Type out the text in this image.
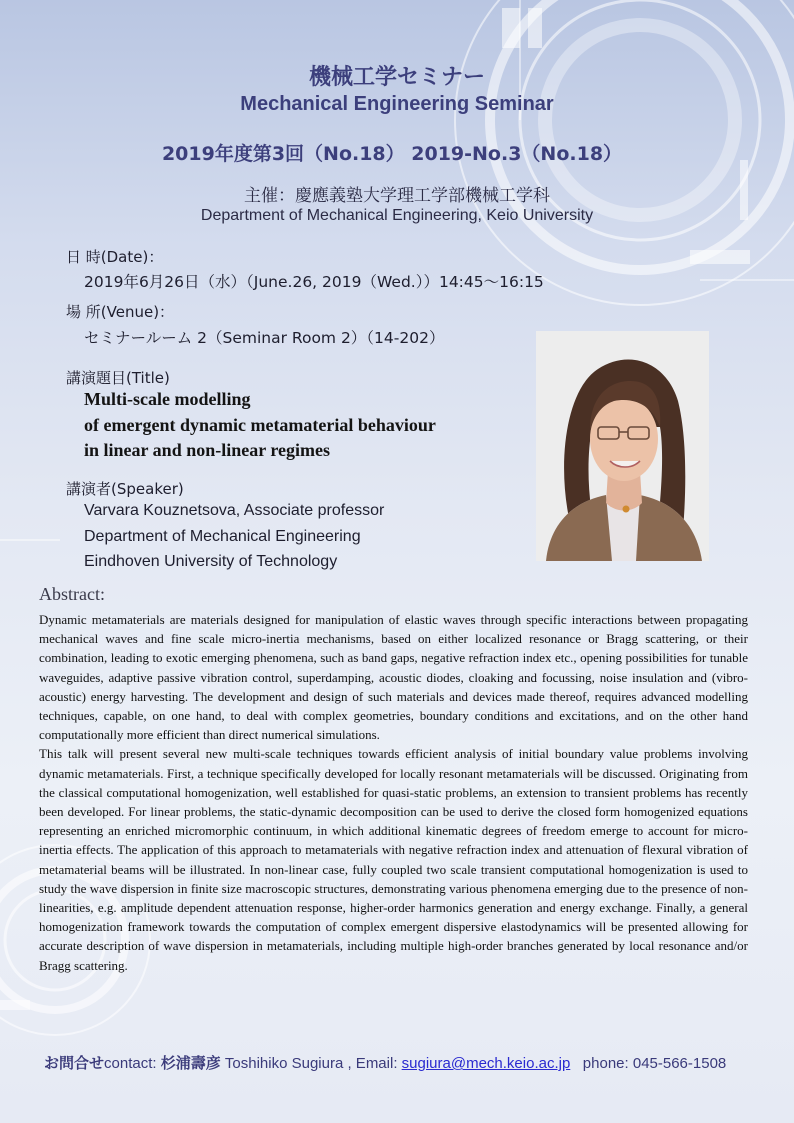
機械工学セミナー
Mechanical Engineering Seminar
2019年度第3回（No.18） 2019-No.3（No.18）
主催：慶應義塾大学理工学部機械工学科
Department of Mechanical Engineering, Keio University
日 時(Date)：
2019年6月26日（水）（June.26, 2019（Wed.））14:45～16:15
場 所(Venue)：
セミナールーム 2（Seminar Room 2）（14-202）
講演題目(Title)
Multi-scale modelling
of emergent dynamic metamaterial behaviour
in linear and non-linear regimes
講演者(Speaker)
Varvara Kouznetsova, Associate professor
Department of Mechanical Engineering
Eindhoven University of Technology
Abstract:

Dynamic metamaterials are materials designed for manipulation of elastic waves through specific interactions between propagating mechanical waves and fine scale micro-inertia mechanisms, based on either localized resonance or Bragg scattering, or their combination, leading to exotic emerging phenomena, such as band gaps, negative refraction index etc., opening possibilities for tunable waveguides, adaptive passive vibration control, superdamping, acoustic diodes, cloaking and focussing, noise insulation and (vibro-acoustic) energy harvesting. The development and design of such materials and devices made thereof, requires advanced modelling techniques, capable, on one hand, to deal with complex geometries, boundary conditions and excitations, and on the other hand computationally more efficient than direct numerical simulations.

This talk will present several new multi-scale techniques towards efficient analysis of initial boundary value problems involving dynamic metamaterials. First, a technique specifically developed for locally resonant metamaterials will be discussed. Originating from the classical computational homogenization, well established for quasi-static problems, an extension to transient problems has recently been developed. For linear problems, the static-dynamic decomposition can be used to derive the closed form homogenized equations representing an enriched micromorphic continuum, in which additional kinematic degrees of freedom emerge to account for micro-inertia effects. The application of this approach to metamaterials with negative refraction index and attenuation of flexural vibration of metamaterial beams will be illustrated. In non-linear case, fully coupled two scale transient computational homogenization is used to study the wave dispersion in finite size macroscopic structures, demonstrating various phenomena emerging due to the presence of non-linearities, e.g. amplitude dependent attenuation response, higher-order harmonics generation and energy exchange. Finally, a general homogenization framework towards the computation of complex emergent dispersive elastodynamics will be presented allowing for accurate description of wave dispersion in metamaterials, including multiple high-order branches generated by local resonance and/or Bragg scattering.

お問合せcontact: 杉浦壽彦 Toshihiko Sugiura , Email: sugiura@mech.keio.ac.jp   phone: 045-566-1508
